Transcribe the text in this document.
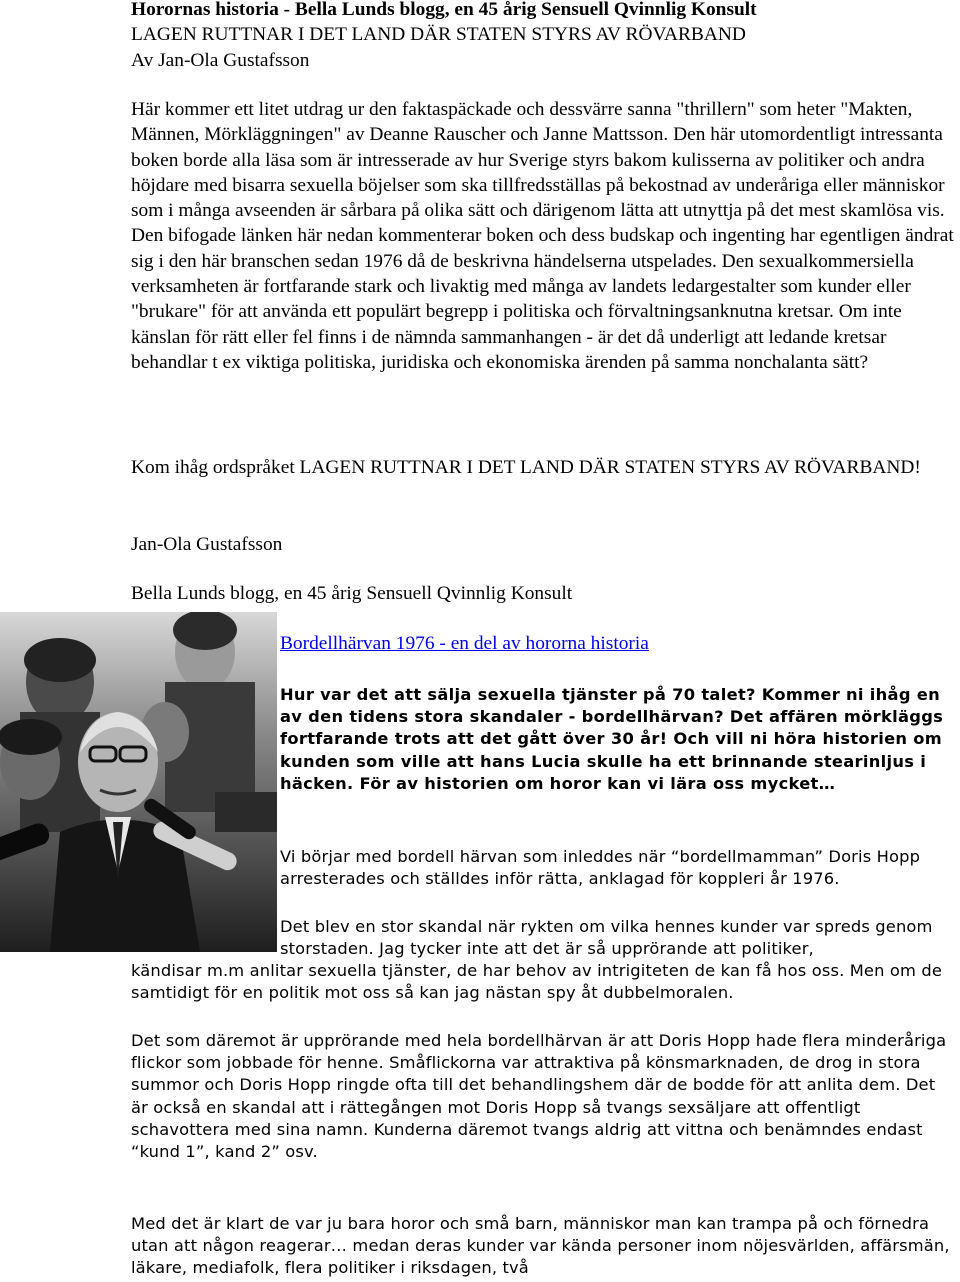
Horornas historia - Bella Lunds blogg, en 45 årig Sensuell Qvinnlig Konsult
LAGEN RUTTNAR I DET LAND DÄR STATEN STYRS AV RÖVARBAND
Av Jan-Ola Gustafsson

Här kommer ett litet utdrag ur den faktaspäckade och dessvärre sanna "thrillern" som heter "Makten, Männen, Mörkläggningen" av Deanne Rauscher och Janne Mattsson. Den här utomordentligt intressanta boken borde alla läsa som är intresserade av hur Sverige styrs bakom kulisserna av politiker och andra höjdare med bisarra sexuella böjelser som ska tillfredsställas på bekostnad av underåriga eller människor som i många avseenden är sårbara på olika sätt och därigenom lätta att utnyttja på det mest skamlösa vis. Den bifogade länken här nedan kommenterar boken och dess budskap och ingenting har egentligen ändrat sig i den här branschen sedan 1976 då de beskrivna händelserna utspelades. Den sexualkommersiella verksamheten är fortfarande stark och livaktig med många av landets ledargestalter som kunder eller "brukare" för att använda ett populärt begrepp i politiska och förvaltningsanknutna kretsar. Om inte känslan för rätt eller fel finns i de nämnda sammanhangen - är det då underligt att ledande kretsar behandlar t ex viktiga politiska, juridiska och ekonomiska ärenden på samma nonchalanta sätt?

Kom ihåg ordspråket LAGEN RUTTNAR I DET LAND DÄR STATEN STYRS AV RÖVARBAND!

Jan-Ola Gustafsson

Bella Lunds blogg, en 45 årig Sensuell Qvinnlig Konsult

Bordellhärvan 1976 - en del av hororna historia

Hur var det att sälja sexuella tjänster på 70 talet? Kommer ni ihåg en av den tidens stora skandaler - bordellhärvan? Det affären mörkläggs fortfarande trots att det gått över 30 år! Och vill ni höra historien om kunden som ville att hans Lucia skulle ha ett brinnande stearinljus i häcken. För av historien om horor kan vi lära oss mycket…

Vi börjar med bordell härvan som inleddes när “bordellmamman” Doris Hopp arresterades och ställdes inför rätta, anklagad för koppleri år 1976.

Det blev en stor skandal när rykten om vilka hennes kunder var spreds genom storstaden. Jag tycker inte att det är så upprörande att politiker,

kändisar m.m anlitar sexuella tjänster, de har behov av intrigiteten de kan få hos oss. Men om de samtidigt för en politik mot oss så kan jag nästan spy åt dubbelmoralen.

Det som däremot är upprörande med hela bordellhärvan är att Doris Hopp hade flera minderåriga flickor som jobbade för henne. Småflickorna var attraktiva på könsmarknaden, de drog in stora summor och Doris Hopp ringde ofta till det behandlingshem där de bodde för att anlita dem. Det är också en skandal att i rättegången mot Doris Hopp så tvangs sexsäljare att offentligt schavottera med sina namn. Kunderna däremot tvangs aldrig att vittna och benämndes endast “kund 1”, kand 2” osv.

Med det är klart de var ju bara horor och små barn, människor man kan trampa på och förnedra utan att någon reagerar… medan deras kunder var kända personer inom nöjesvärlden, affärsmän, läkare, mediafolk, flera politiker i riksdagen, två
